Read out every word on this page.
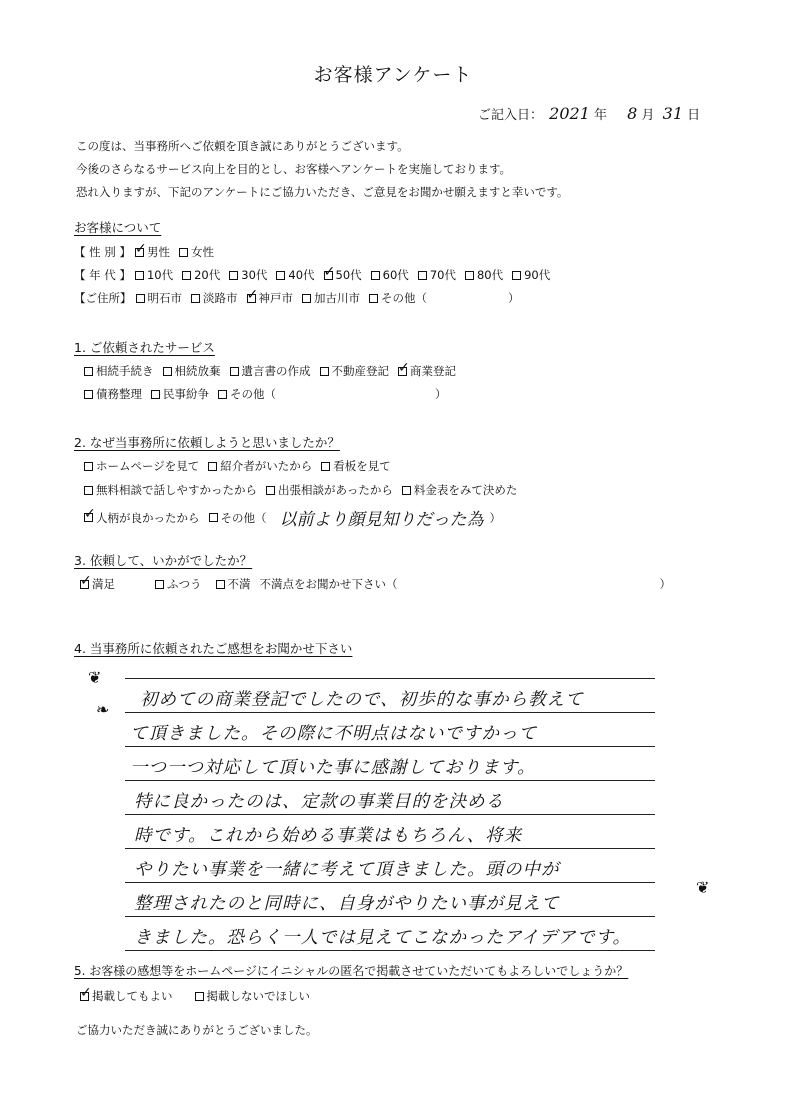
お客様アンケート
ご記入日： 2021 年 8 月 31 日
この度は、当事務所へご依頼を頂き誠にありがとうございます。
今後のさらなるサービス向上を目的とし、お客様へアンケートを実施しております。
恐れ入りますが、下記のアンケートにご協力いただき、ご意見をお聞かせ願えますと幸いです。
お客様について
【 性 別 】 ✓ 男性 女性
【 年 代 】 10代 20代 30代 40代 ✓ 50代 60代 70代 80代 90代
【ご住所】 明石市 淡路市 ✓ 神戸市 加古川市 その他（	）
1. ご依頼されたサービス
相続手続き 相続放棄 遺言書の作成 不動産登記 ✓ 商業登記
債務整理 民事紛争 その他（	）
2. なぜ当事務所に依頼しようと思いましたか？
ホームページを見て 紹介者がいたから 看板を見て
無料相談で話しやすかったから 出張相談があったから 料金表をみて決めた
✓
人柄が良かったから その他（ 以前より顔見知りだった為 ）
3. 依頼して、いかがでしたか？
✓
満足	ふつう 不満 不満点をお聞かせ下さい（	）
4. 当事務所に依頼されたご感想をお聞かせ下さい
❦
❧
❦
初めての商業登記でしたので、初歩的な事から教えて
て頂きました。その際に不明点はないですかって
一つ一つ対応して頂いた事に感謝しております。
特に良かったのは、定款の事業目的を決める
時です。これから始める事業はもちろん、将来
やりたい事業を一緒に考えて頂きました。頭の中が
整理されたのと同時に、自身がやりたい事が見えて
きました。恐らく一人では見えてこなかったアイデアです。
5. お客様の感想等をホームページにイニシャルの匿名で掲載させていただいてもよろしいでしょうか？
✓
掲載してもよい	掲載しないでほしい
ご協力いただき誠にありがとうございました。
